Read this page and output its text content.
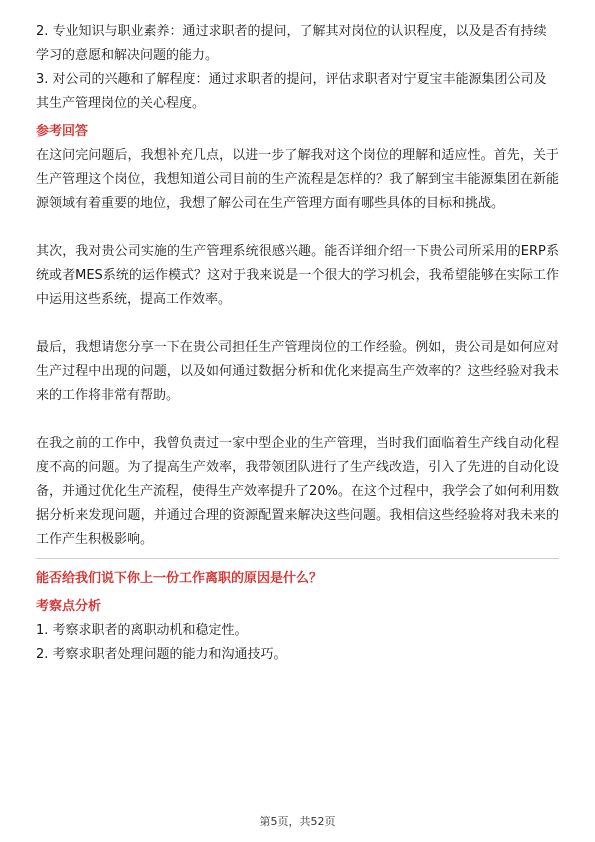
2. 专业知识与职业素养：通过求职者的提问，了解其对岗位的认识程度，以及是否有持续学习的意愿和解决问题的能力。

3. 对公司的兴趣和了解程度：通过求职者的提问，评估求职者对宁夏宝丰能源集团公司及其生产管理岗位的关心程度。

参考回答

在这问完问题后，我想补充几点，以进一步了解我对这个岗位的理解和适应性。首先，关于生产管理这个岗位，我想知道公司目前的生产流程是怎样的？我了解到宝丰能源集团在新能源领域有着重要的地位，我想了解公司在生产管理方面有哪些具体的目标和挑战。

其次，我对贵公司实施的生产管理系统很感兴趣。能否详细介绍一下贵公司所采用的ERP系统或者MES系统的运作模式？这对于我来说是一个很大的学习机会，我希望能够在实际工作中运用这些系统，提高工作效率。

最后，我想请您分享一下在贵公司担任生产管理岗位的工作经验。例如，贵公司是如何应对生产过程中出现的问题，以及如何通过数据分析和优化来提高生产效率的？这些经验对我未来的工作将非常有帮助。

在我之前的工作中，我曾负责过一家中型企业的生产管理，当时我们面临着生产线自动化程度不高的问题。为了提高生产效率，我带领团队进行了生产线改造，引入了先进的自动化设备，并通过优化生产流程，使得生产效率提升了20%。在这个过程中，我学会了如何利用数据分析来发现问题，并通过合理的资源配置来解决这些问题。我相信这些经验将对我未来的工作产生积极影响。

能否给我们说下你上一份工作离职的原因是什么？

考察点分析

1. 考察求职者的离职动机和稳定性。

2. 考察求职者处理问题的能力和沟通技巧。

第5页，共52页
